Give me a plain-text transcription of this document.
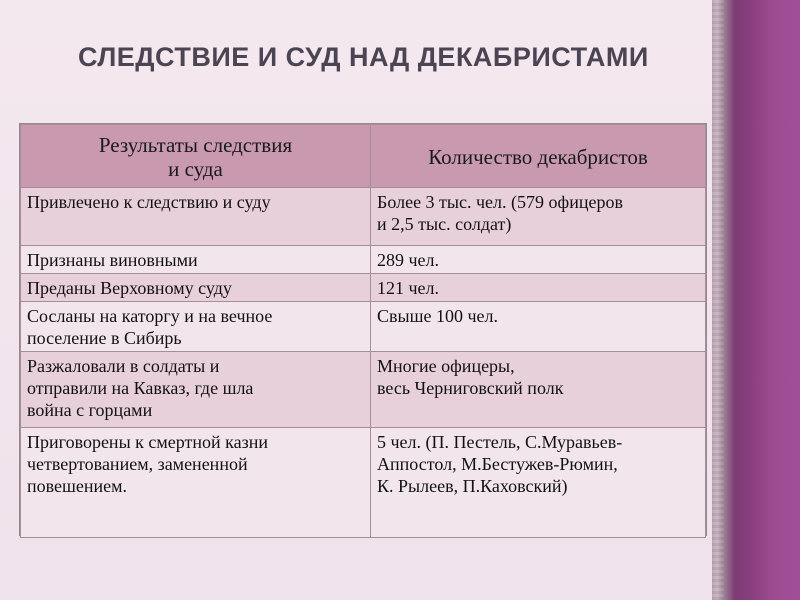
СЛЕДСТВИЕ И СУД НАД ДЕКАБРИСТАМИ
Результаты следствия
и суда	Количество декабристов

Привлечено к следствию и суду	Более 3 тыс. чел. (579 офицеров
и 2,5 тыс. солдат)

Признаны виновными	289 чел.

Преданы Верховному суду	121 чел.

Сосланы на каторгу и на вечное
поселение в Сибирь	Свыше 100 чел.

Разжаловали в солдаты и
отправили на Кавказ, где шла
война с горцами	Многие офицеры,
весь Черниговский полк

Приговорены к смертной казни
четвертованием, замененной
повешением.	5 чел. (П. Пестель, С.Муравьев-
Аппостол, М.Бестужев-Рюмин,
К. Рылеев, П.Каховский)
